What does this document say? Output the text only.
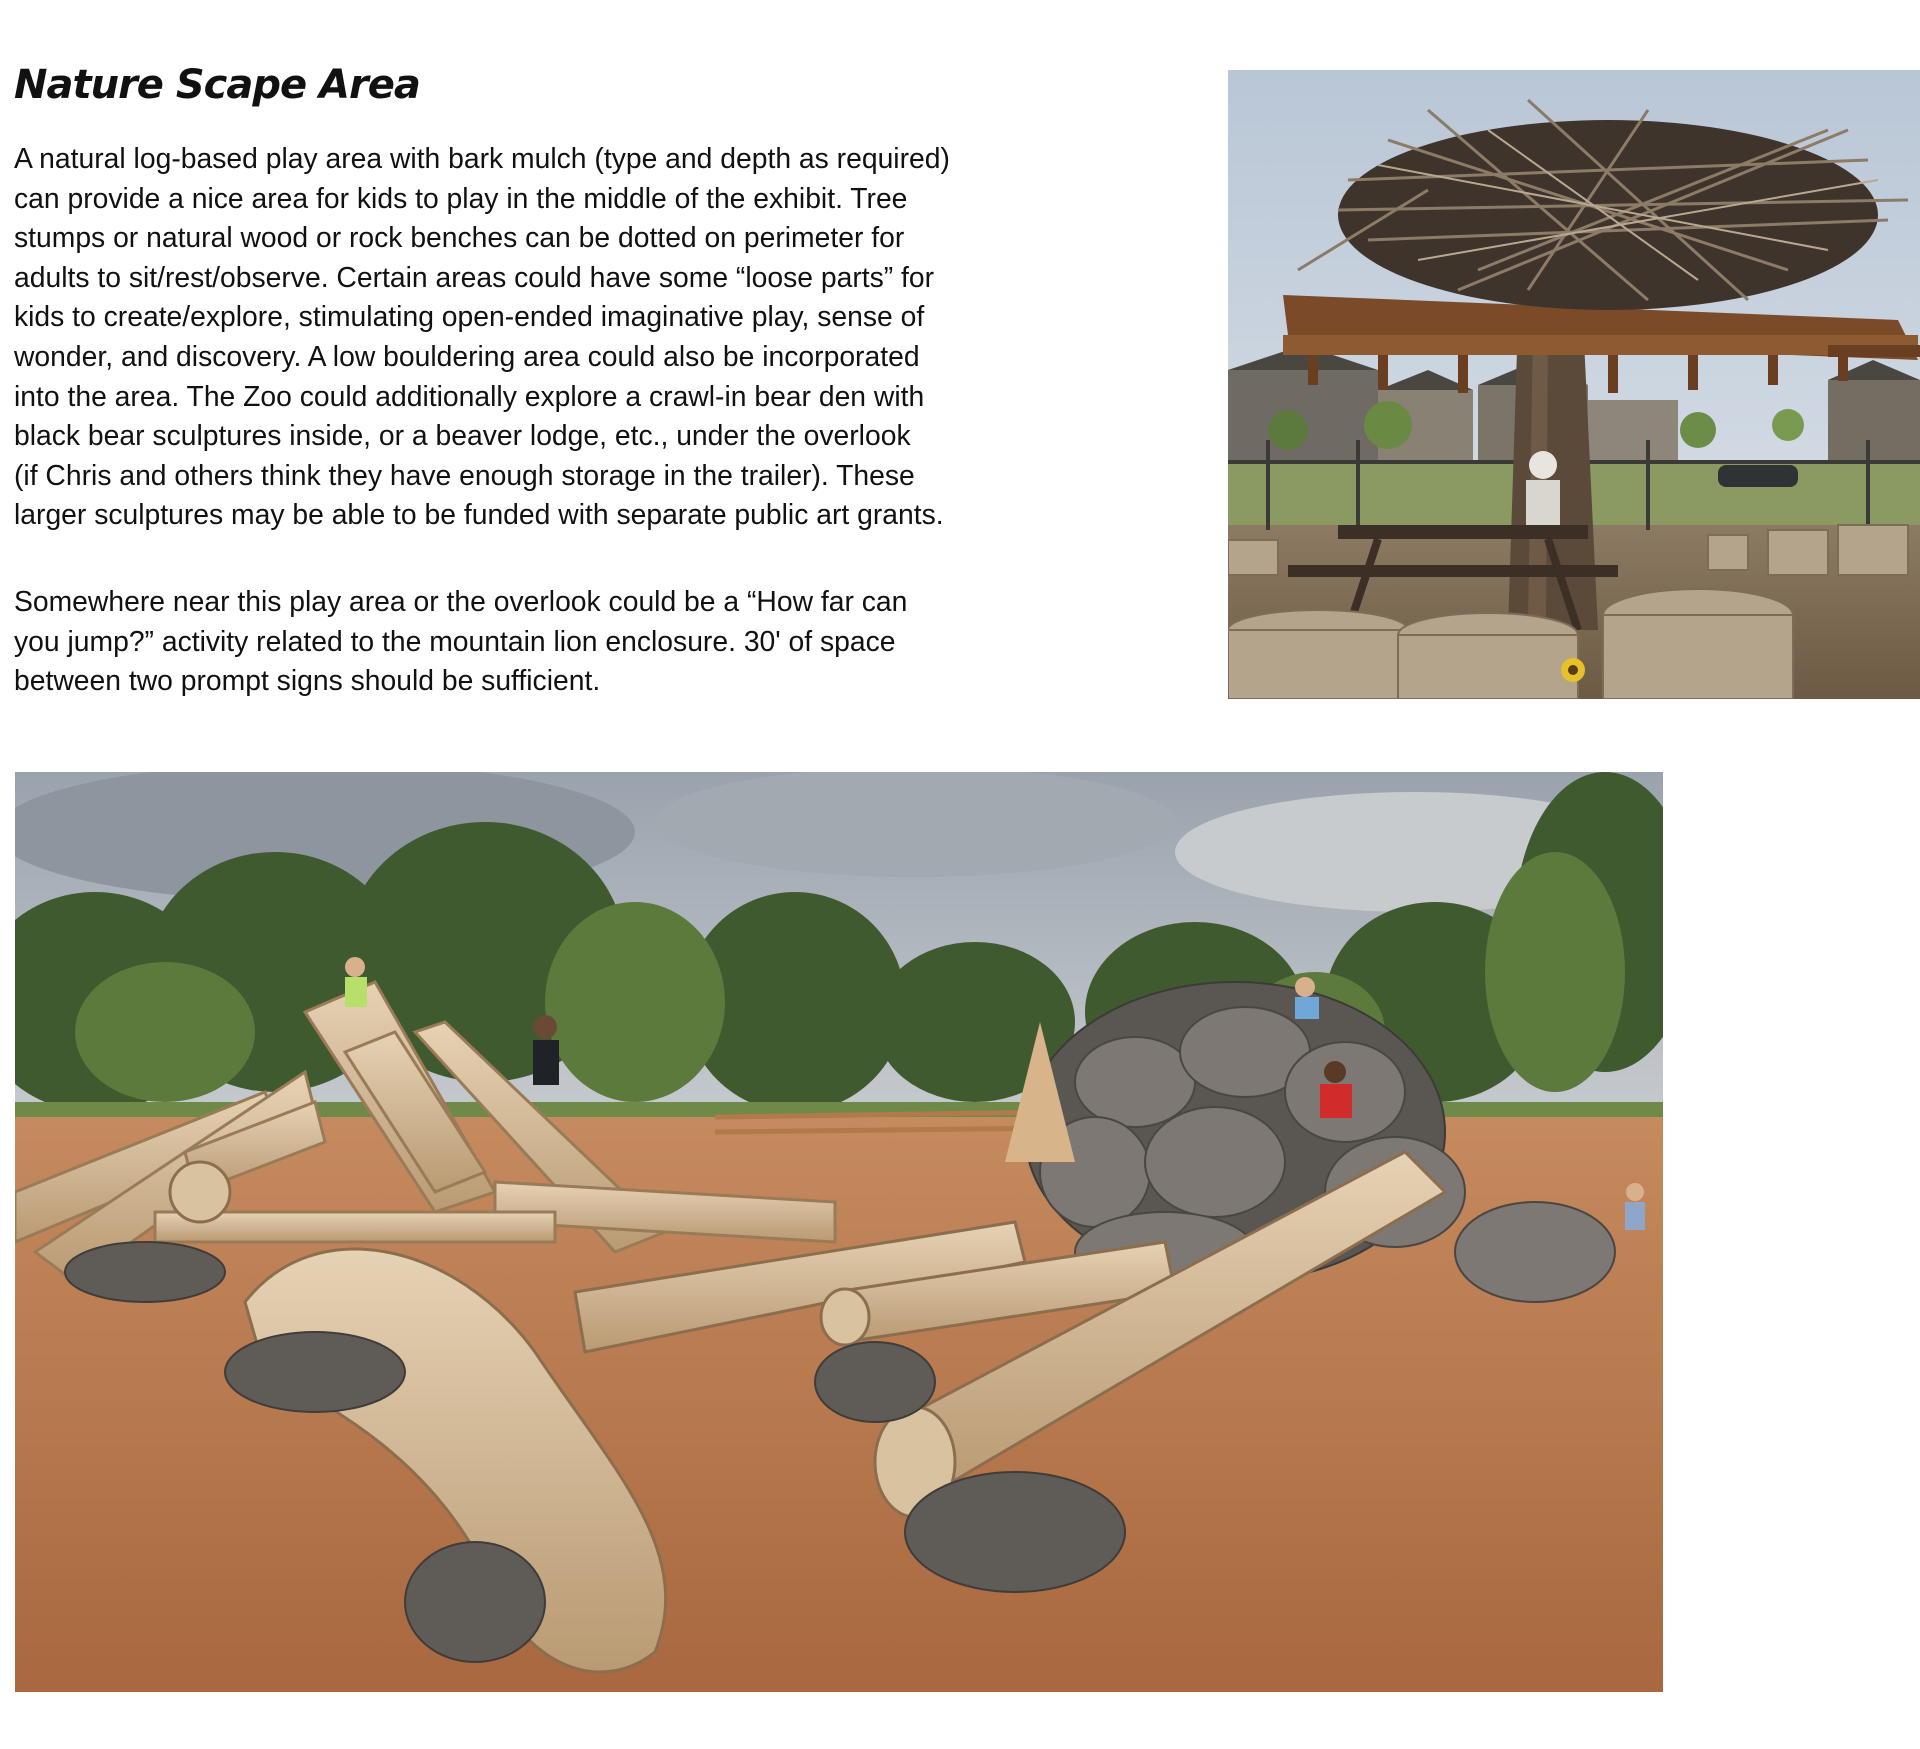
Nature Scape Area
A natural log-based play area with bark mulch (type and depth as required)
can provide a nice area for kids to play in the middle of the exhibit. Tree
stumps or natural wood or rock benches can be dotted on perimeter for
adults to sit/rest/observe. Certain areas could have some “loose parts” for
kids to create/explore, stimulating open-ended imaginative play, sense of
wonder, and discovery. A low bouldering area could also be incorporated
into the area. The Zoo could additionally explore a crawl-in bear den with
black bear sculptures inside, or a beaver lodge, etc., under the overlook
(if Chris and others think they have enough storage in the trailer). These
larger sculptures may be able to be funded with separate public art grants.
Somewhere near this play area or the overlook could be a “How far can
you jump?” activity related to the mountain lion enclosure. 30' of space
between two prompt signs should be sufficient.
